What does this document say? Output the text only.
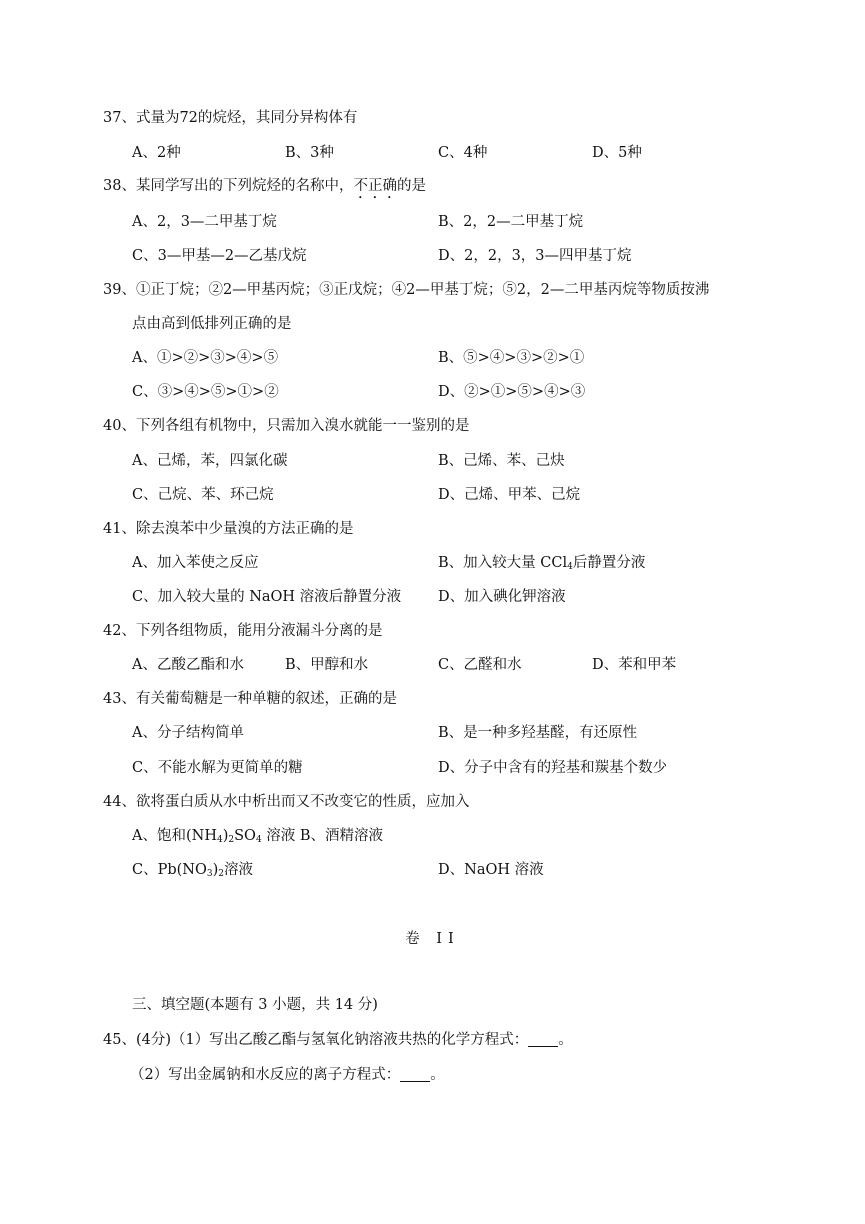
37、式量为72的烷烃，其同分异构体有
A、2种	B、3种	C、4种	D、5种
38、某同学写出的下列烷烃的名称中，不正确的是
A、2，3—二甲基丁烷	B、2，2—二甲基丁烷
C、3—甲基—2—乙基戊烷	D、2，2，3，3—四甲基丁烷
39、①正丁烷；②2—甲基丙烷；③正戊烷；④2—甲基丁烷；⑤2，2—二甲基丙烷等物质按沸
点由高到低排列正确的是
A、①>②>③>④>⑤	B、⑤>④>③>②>①
C、③>④>⑤>①>②	D、②>①>⑤>④>③
40、下列各组有机物中，只需加入溴水就能一一鉴别的是
A、己烯，苯，四氯化碳	B、己烯、苯、己炔
C、己烷、苯、环己烷	D、己烯、甲苯、己烷
41、除去溴苯中少量溴的方法正确的是
A、加入苯使之反应	B、加入较大量 CCl$_4$后静置分液
C、加入较大量的 NaOH 溶液后静置分液	D、加入碘化钾溶液
42、下列各组物质，能用分液漏斗分离的是
A、乙酸乙酯和水	B、甲醇和水	C、乙醛和水	D、苯和甲苯
43、有关葡萄糖是一种单糖的叙述，正确的是
A、分子结构简单	B、是一种多羟基醛，有还原性
C、不能水解为更简单的糖	D、分子中含有的羟基和羰基个数少
44、欲将蛋白质从水中析出而又不改变它的性质，应加入
A、饱和$(NH_4)_2SO_4$ 溶液 B、酒精溶液
C、$Pb(NO_3)_2$溶液	D、NaOH 溶液
卷 II
三、填空题(本题有 3 小题，共 14 分)
45、(4分)（1）写出乙酸乙酯与氢氧化钠溶液共热的化学方程式： 。
（2）写出金属钠和水反应的离子方程式： 。
